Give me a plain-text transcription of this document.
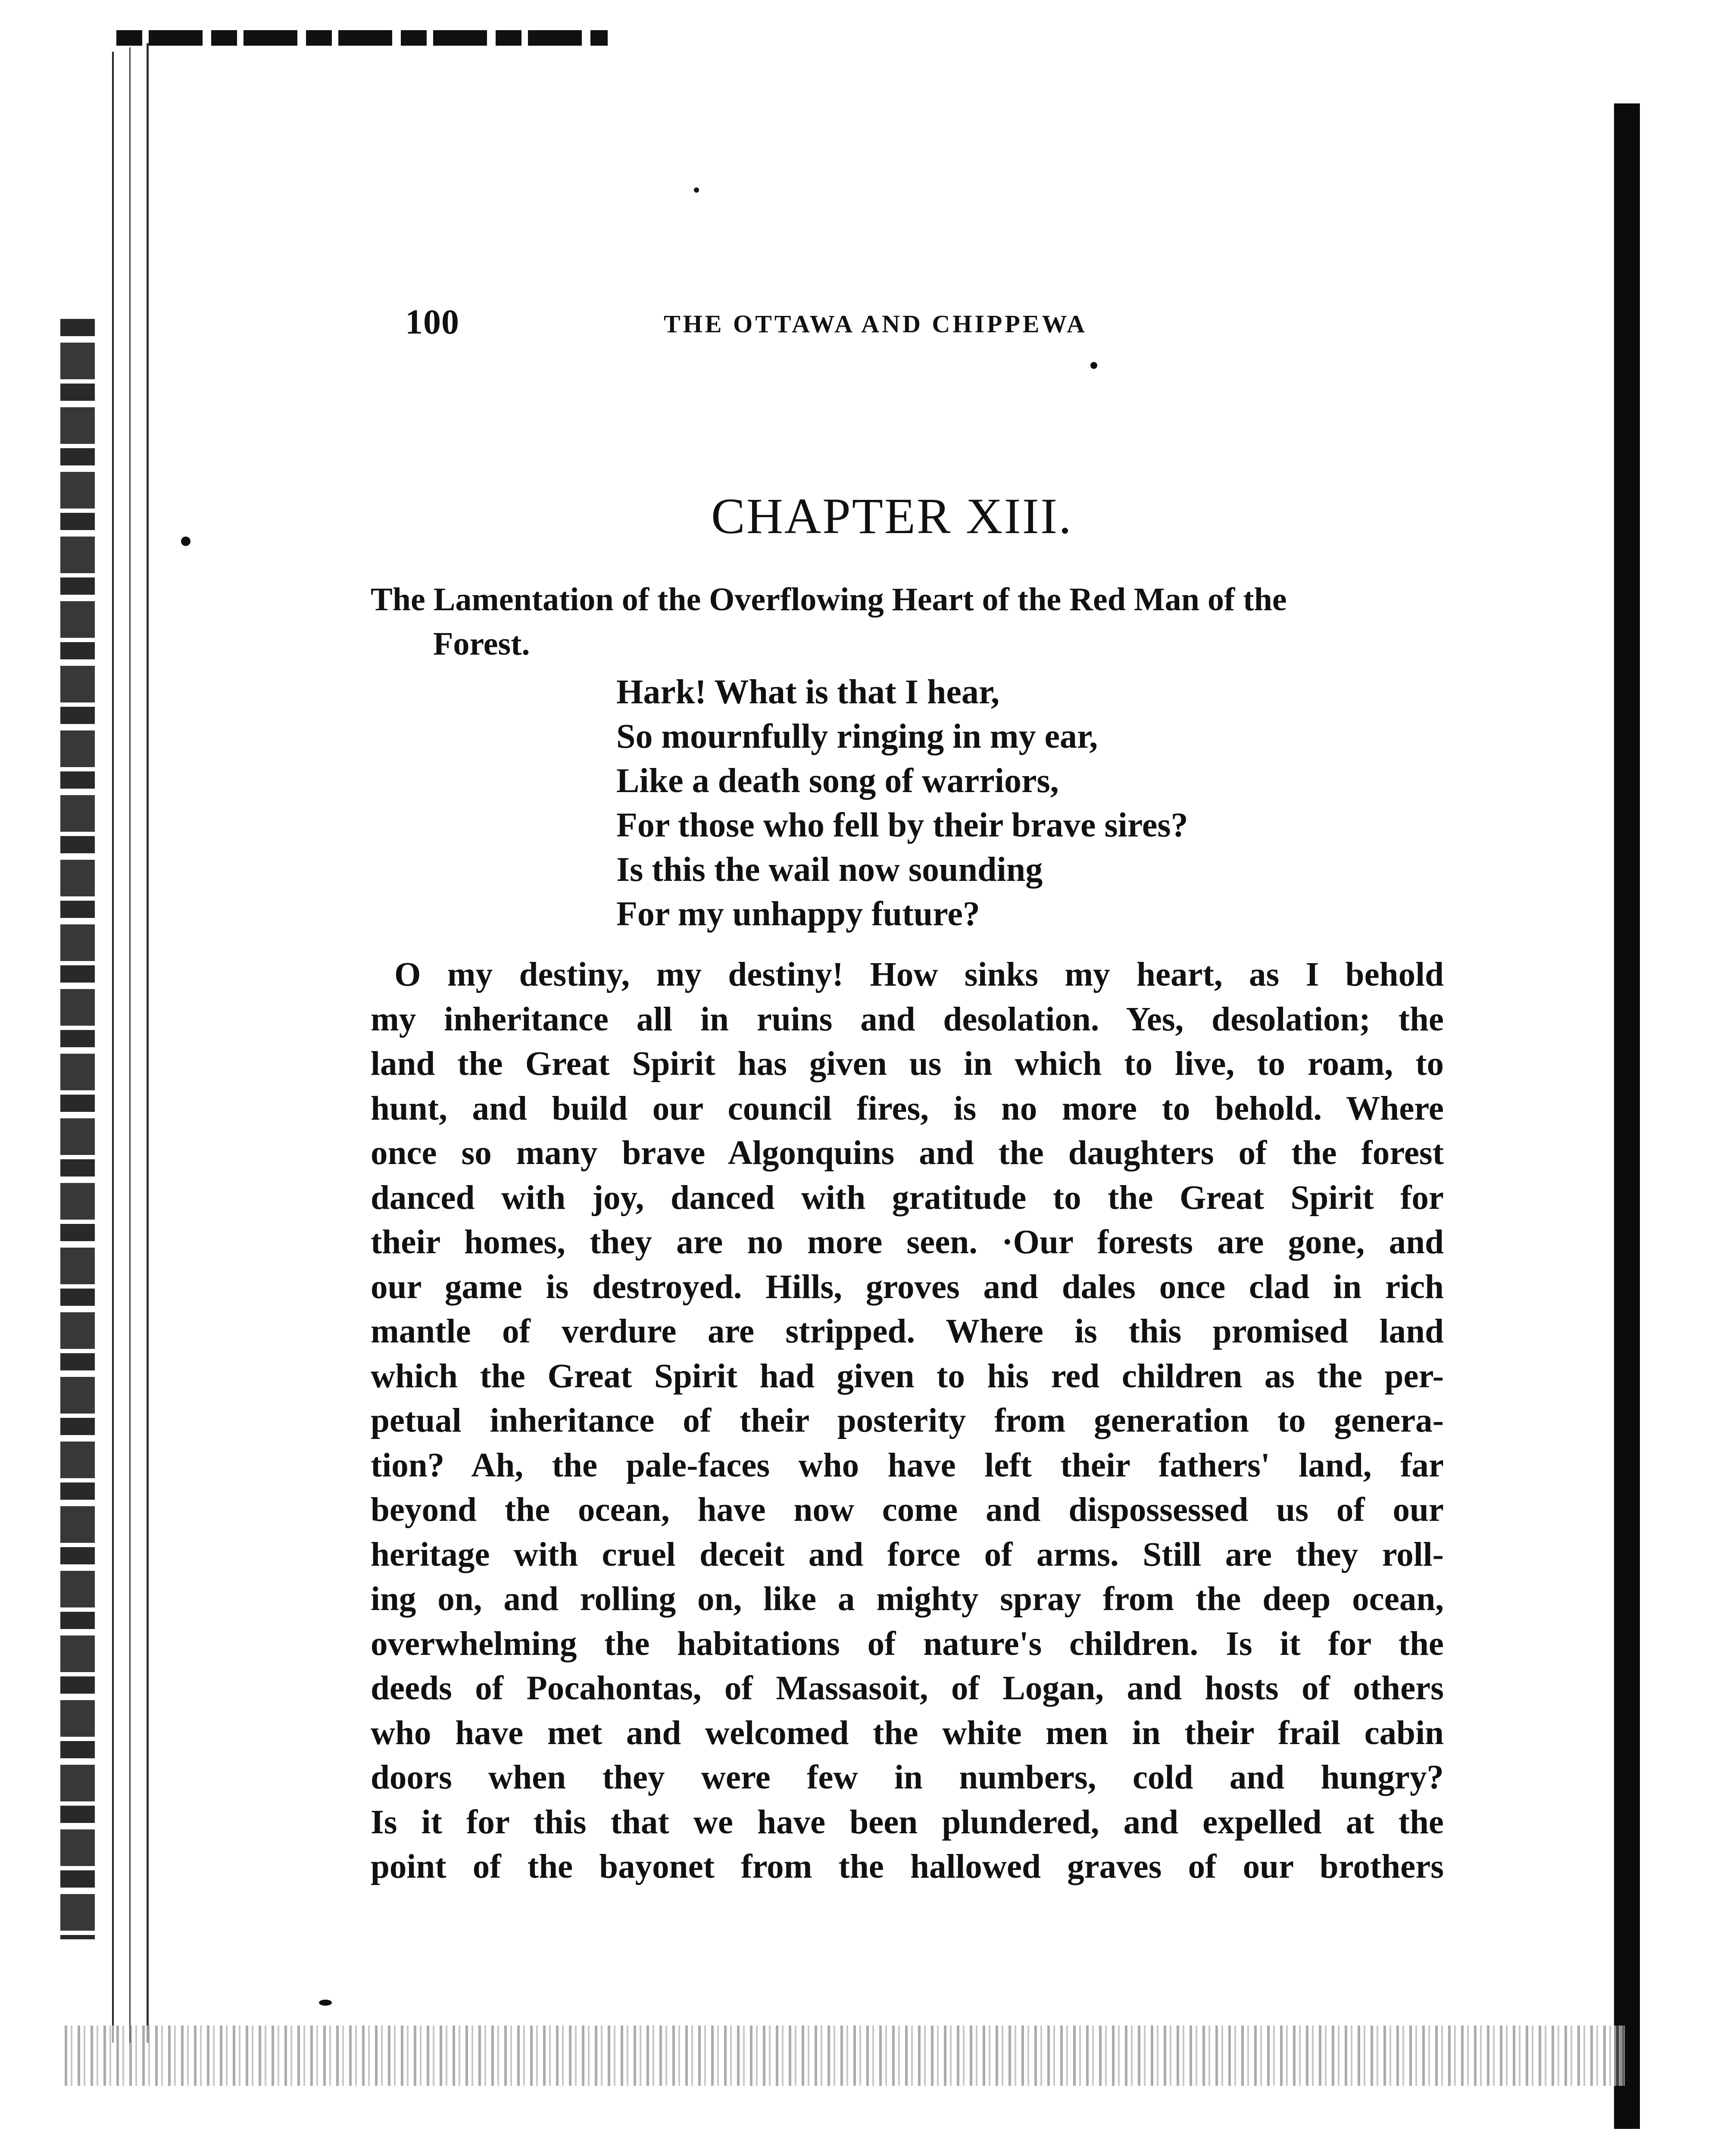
100	THE OTTAWA AND CHIPPEWA
CHAPTER XIII.
The Lamentation of the Overflowing Heart of the Red Man of the
Forest.
Hark! What is that I hear,
So mournfully ringing in my ear,
Like a death song of warriors,
For those who fell by their brave sires?
Is this the wail now sounding
For my unhappy future?
O my destiny, my destiny! How sinks my heart, as I behold
my inheritance all in ruins and desolation. Yes, desolation; the
land the Great Spirit has given us in which to live, to roam, to
hunt, and build our council fires, is no more to behold. Where
once so many brave Algonquins and the daughters of the forest
danced with joy, danced with gratitude to the Great Spirit for
their homes, they are no more seen. ·Our forests are gone, and
our game is destroyed. Hills, groves and dales once clad in rich
mantle of verdure are stripped. Where is this promised land
which the Great Spirit had given to his red children as the per-
petual inheritance of their posterity from generation to genera-
tion? Ah, the pale-faces who have left their fathers' land, far
beyond the ocean, have now come and dispossessed us of our
heritage with cruel deceit and force of arms. Still are they roll-
ing on, and rolling on, like a mighty spray from the deep ocean,
overwhelming the habitations of nature's children. Is it for the
deeds of Pocahontas, of Massasoit, of Logan, and hosts of others
who have met and welcomed the white men in their frail cabin
doors when they were few in numbers, cold and hungry?
Is it for this that we have been plundered, and expelled at the
point of the bayonet from the hallowed graves of our brothers
